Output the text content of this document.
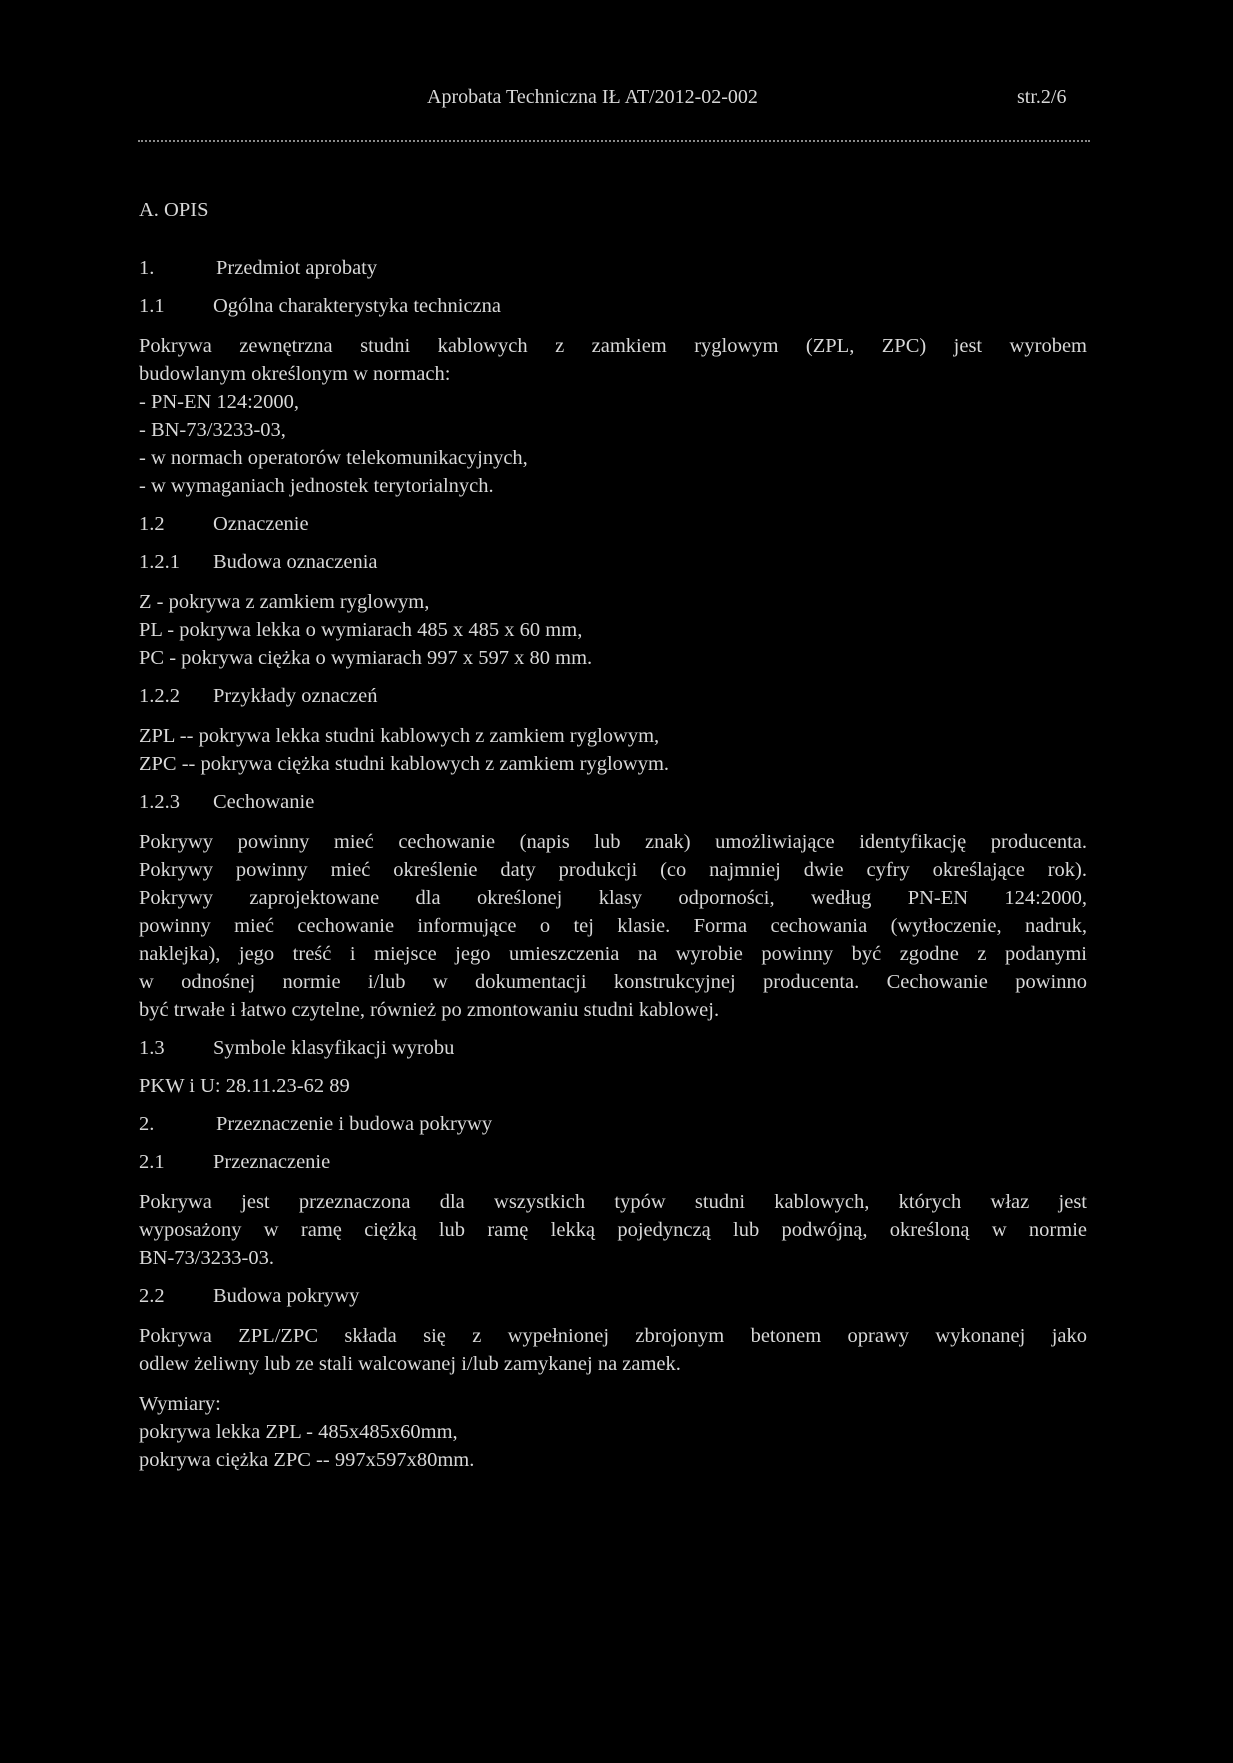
Aprobata Techniczna IŁ AT/2012-02-002	str.2/6
A. OPIS
1.	Przedmiot aprobaty
1.1	Ogólna charakterystyka techniczna
Pokrywa zewnętrzna studni kablowych z zamkiem ryglowym (ZPL, ZPC) jest wyrobem
budowlanym określonym w normach:
- PN-EN 124:2000,
- BN-73/3233-03,
- w normach operatorów telekomunikacyjnych,
- w wymaganiach jednostek terytorialnych.
1.2	Oznaczenie
1.2.1	Budowa oznaczenia
Z - pokrywa z zamkiem ryglowym,
PL - pokrywa lekka o wymiarach 485 x 485 x 60 mm,
PC - pokrywa ciężka o wymiarach 997 x 597 x 80 mm.
1.2.2	Przykłady oznaczeń
ZPL -- pokrywa lekka studni kablowych z zamkiem ryglowym,
ZPC -- pokrywa ciężka studni kablowych z zamkiem ryglowym.
1.2.3	Cechowanie
Pokrywy powinny mieć cechowanie (napis lub znak) umożliwiające identyfikację producenta.
Pokrywy powinny mieć określenie daty produkcji (co najmniej dwie cyfry określające rok).
Pokrywy zaprojektowane dla określonej klasy odporności, według PN-EN 124:2000,
powinny mieć cechowanie informujące o tej klasie. Forma cechowania (wytłoczenie, nadruk,
naklejka), jego treść i miejsce jego umieszczenia na wyrobie powinny być zgodne z podanymi
w odnośnej normie i/lub w dokumentacji konstrukcyjnej producenta. Cechowanie powinno
być trwałe i łatwo czytelne, również po zmontowaniu studni kablowej.
1.3	Symbole klasyfikacji wyrobu
PKW i U: 28.11.23-62 89
2.	Przeznaczenie i budowa pokrywy
2.1	Przeznaczenie
Pokrywa jest przeznaczona dla wszystkich typów studni kablowych, których właz jest
wyposażony w ramę ciężką lub ramę lekką pojedynczą lub podwójną, określoną w normie
BN-73/3233-03.
2.2	Budowa pokrywy
Pokrywa ZPL/ZPC składa się z wypełnionej zbrojonym betonem oprawy wykonanej jako
odlew żeliwny lub ze stali walcowanej i/lub zamykanej na zamek.
Wymiary:
pokrywa lekka ZPL - 485x485x60mm,
pokrywa ciężka ZPC -- 997x597x80mm.
